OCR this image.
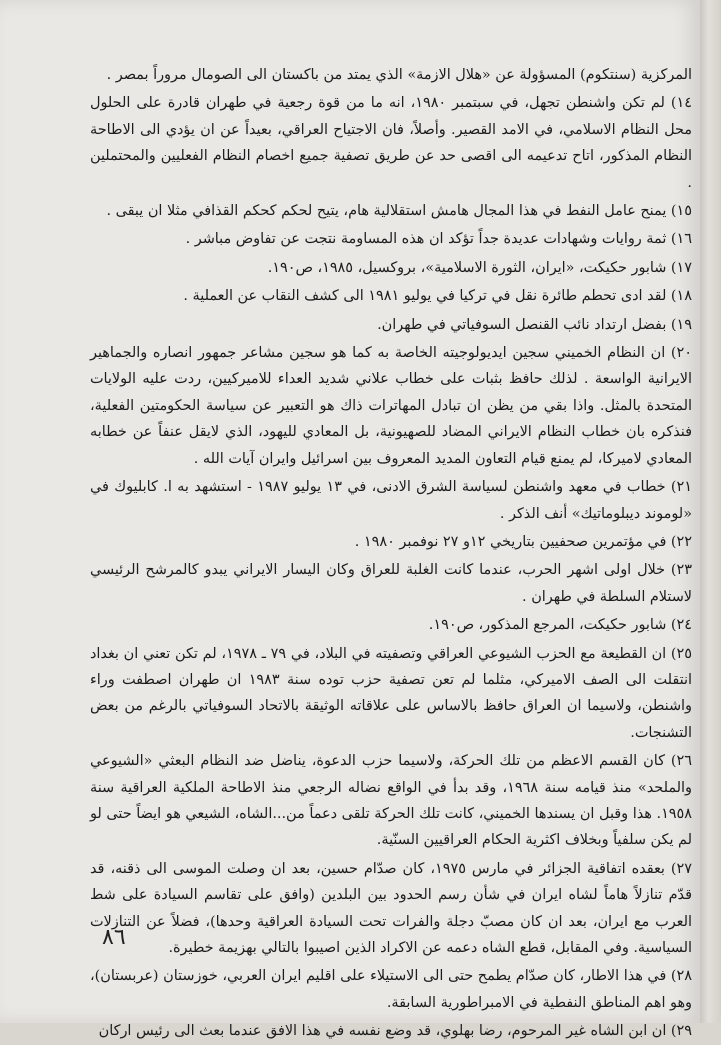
المركزية (سنتكوم) المسؤولة عن «هلال الازمة» الذي يمتد من باكستان الى الصومال مروراً بمصر .

١٤) لم تكن واشنطن تجهل، في سبتمبر ١٩٨٠، انه ما من قوة رجعية في طهران قادرة على الحلول محل النظام الاسلامي، في الامد القصير. وأصلاً، فان الاجتياح العراقي، بعيداً عن ان يؤدي الى الاطاحة النظام المذكور، اتاح تدعيمه الى اقصى حد عن طريق تصفية جميع اخصام النظام الفعليين والمحتملين .

١٥) يمنح عامل النفط في هذا المجال هامش استقلالية هام، يتيح لحكم كحكم القذافي مثلا ان يبقى .

١٦) ثمة روايات وشهادات عديدة جداً تؤكد ان هذه المساومة نتجت عن تفاوض مباشر .

١٧) شابور حكيكت، «ايران، الثورة الاسلامية»، بروكسيل، ١٩٨٥، ص١٩٠.

١٨) لقد ادى تحطم طائرة نقل في تركيا في يوليو ١٩٨١ الى كشف النقاب عن العملية .

١٩) بفضل ارتداد نائب القنصل السوفياتي في طهران.

٢٠) ان النظام الخميني سجين ايديولوجيته الخاصة به كما هو سجين مشاعر جمهور انصاره والجماهير الايرانية الواسعة . لذلك حافظ بثبات على خطاب علاني شديد العداء للاميركيين، ردت عليه الولايات المتحدة بالمثل. واذا بقي من يظن ان تبادل المهاترات ذاك هو التعبير عن سياسة الحكومتين الفعلية، فنذكره بان خطاب النظام الايراني المضاد للصهيونية، بل المعادي لليهود، الذي لايقل عنفاً عن خطابه المعادي لاميركا، لم يمنع قيام التعاون المديد المعروف بين اسرائيل وايران آيات الله .

٢١) خطاب في معهد واشنطن لسياسة الشرق الادنى، في ١٣ يوليو ١٩٨٧ - استشهد به ا. كابليوك في «لوموند ديبلوماتيك» أنف الذكر .

٢٢) في مؤتمرين صحفيين بتاريخي ١٢و ٢٧ نوفمبر ١٩٨٠ .

٢٣) خلال اولى اشهر الحرب، عندما كانت الغلبة للعراق وكان اليسار الايراني يبدو كالمرشح الرئيسي لاستلام السلطة في طهران .

٢٤) شابور حكيكت، المرجع المذكور، ص١٩٠.

٢٥) ان القطيعة مع الحزب الشيوعي العراقي وتصفيته في البلاد، في ٧٩ ـ ١٩٧٨، لم تكن تعني ان بغداد انتقلت الى الصف الاميركي، مثلما لم تعن تصفية حزب توده سنة ١٩٨٣ ان طهران اصطفت وراء واشنطن، ولاسيما ان العراق حافظ بالاساس على علاقاته الوثيقة بالاتحاد السوفياتي بالرغم من بعض التشنجات.

٢٦) كان القسم الاعظم من تلك الحركة، ولاسيما حزب الدعوة، يناضل ضد النظام البعثي «الشيوعي والملحد» منذ قيامه سنة ١٩٦٨، وقد بدأ في الواقع نضاله الرجعي منذ الاطاحة الملكية العراقية سنة ١٩٥٨. هذا وقبل ان يسندها الخميني، كانت تلك الحركة تلقى دعماً من...الشاه، الشيعي هو ايضاً حتى لو لم يكن سلفياً وبخلاف اكثرية الحكام العراقيين السنّية.

٢٧) بعقده اتفاقية الجزائر في مارس ١٩٧٥، كان صدّام حسين، بعد ان وصلت الموسى الى ذقنه، قد قدّم تنازلاً هاماً لشاه ايران في شأن رسم الحدود بين البلدين (وافق على تقاسم السيادة على شط العرب مع ايران، بعد ان كان مصبّ دجلة والفرات تحت السيادة العراقية وحدها)، فضلاً عن التنازلات السياسية. وفي المقابل، قطع الشاه دعمه عن الاكراد الذين اصيبوا بالتالي بهزيمة خطيرة.

٢٨) في هذا الاطار، كان صدّام يطمح حتى الى الاستيلاء على اقليم ايران العربي، خوزستان (عربستان)، وهو اهم المناطق النفطية في الامبراطورية السابقة.

٢٩) ان ابن الشاه غير المرحوم، رضا بهلوي، قد وضع نفسه في هذا الافق عندما بعث الى رئيس اركان

٨٦
